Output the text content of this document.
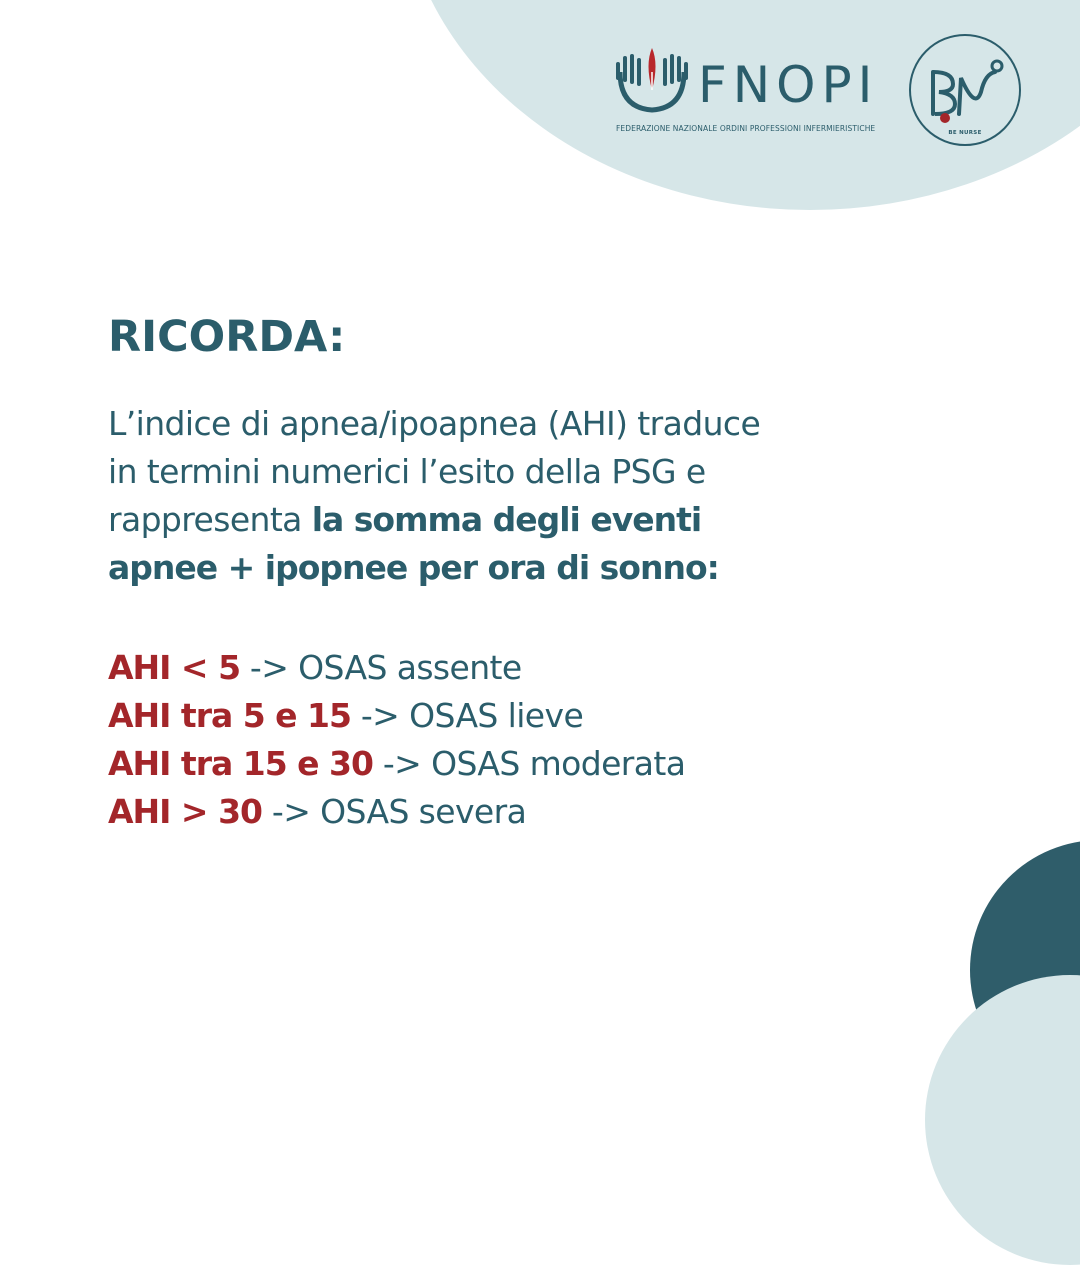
FNOPI
FEDERAZIONE NAZIONALE ORDINI PROFESSIONI INFERMIERISTICHE	BE NURSE
RICORDA:
L’indice di apnea/ipoapnea (AHI) traduce
in termini numerici l’esito della PSG e
rappresenta la somma degli eventi
apnee + ipopnee per ora di sonno:
AHI < 5 -> OSAS assente
AHI tra 5 e 15 -> OSAS lieve
AHI tra 15 e 30 -> OSAS moderata
AHI > 30 -> OSAS severa
